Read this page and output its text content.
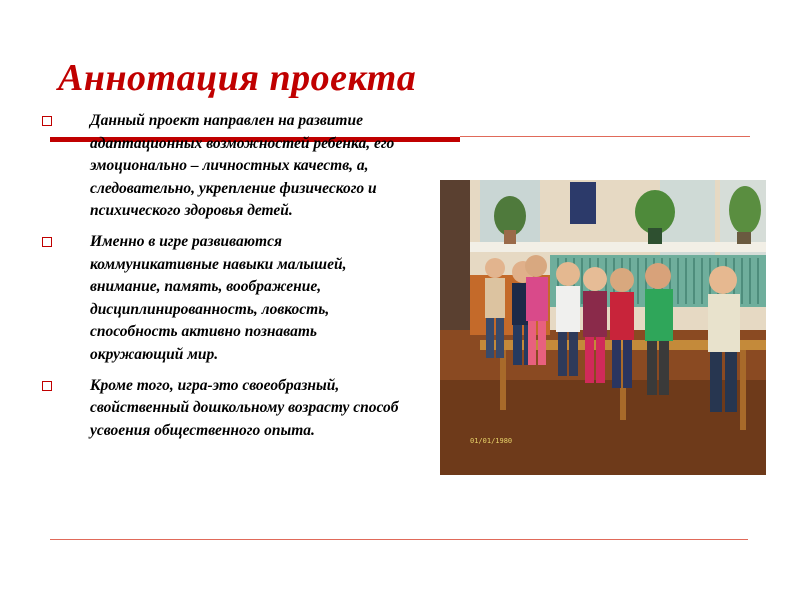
Аннотация проекта
Данный проект направлен на развитие адаптационных возможностей ребенка, его эмоционально – личностных качеств, а, следовательно, укрепление физического и психического здоровья детей.
Именно в игре развиваются коммуникативные навыки малышей, внимание, память, воображение, дисциплинированность, ловкость, способность активно познавать окружающий мир.
Кроме того, игра-это своеобразный, свойственный дошкольному возрасту способ усвоения общественного опыта.
01/01/1980
